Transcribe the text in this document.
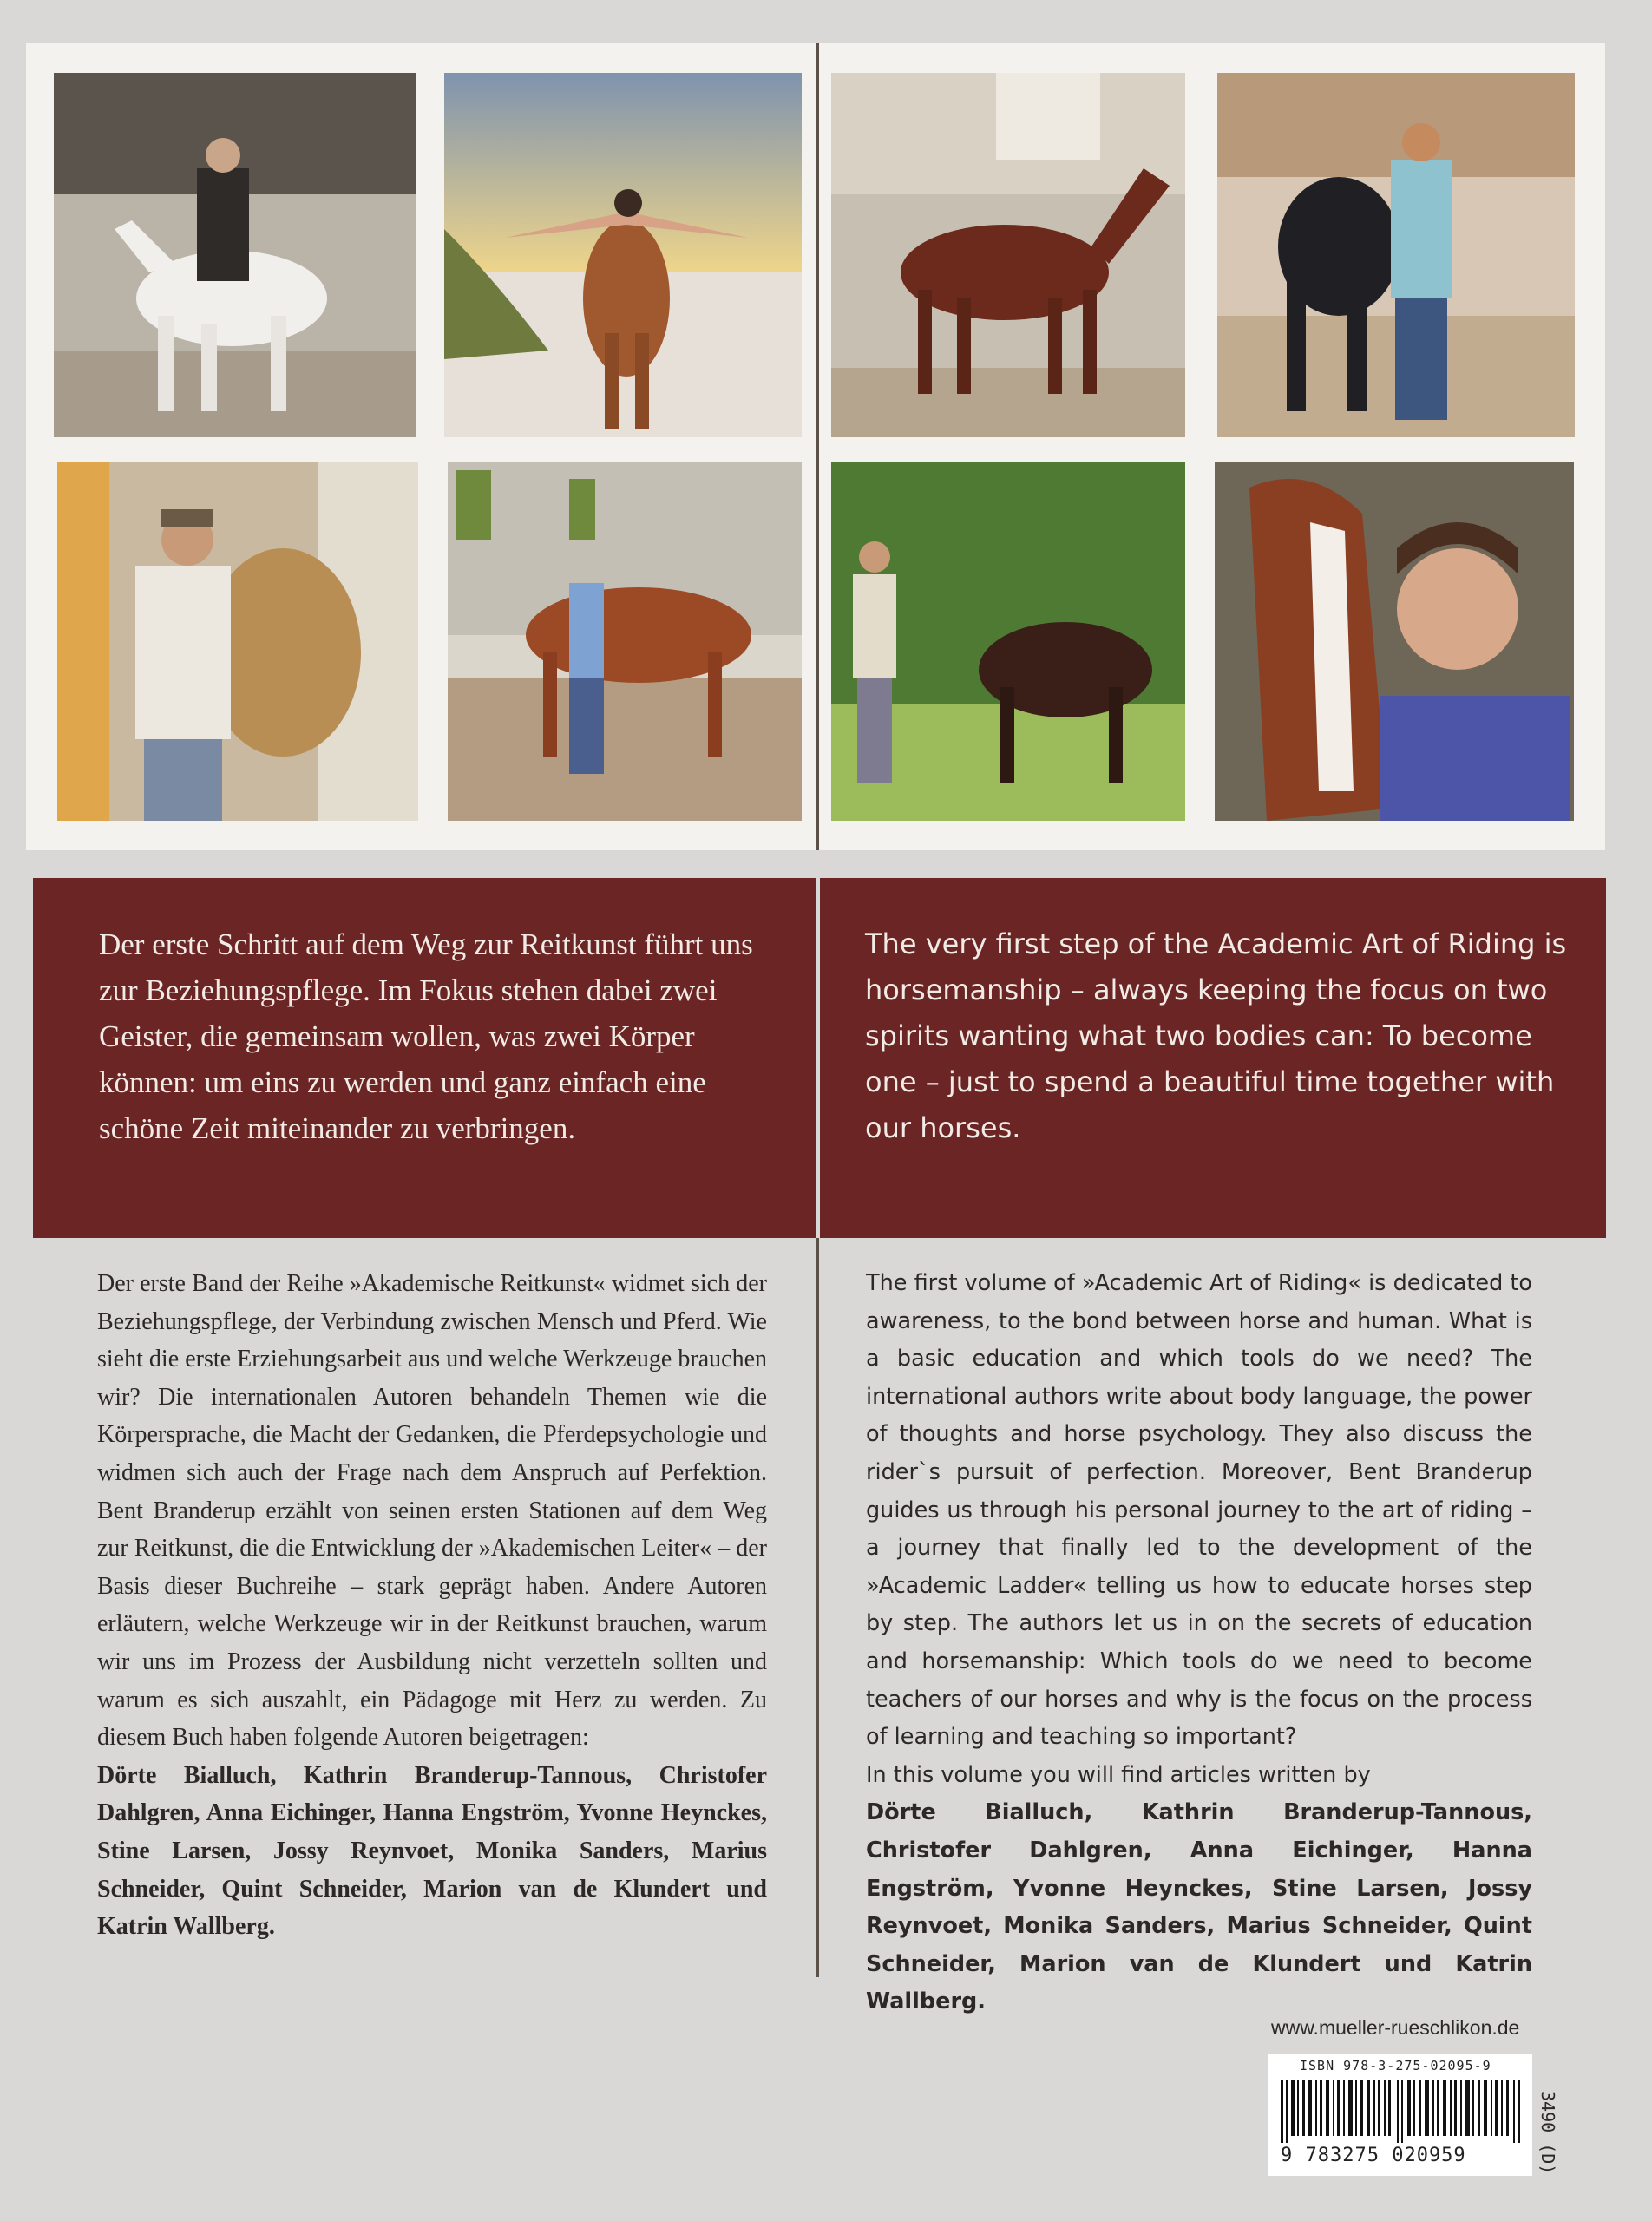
Der erste Schritt auf dem Weg zur Reitkunst führt uns zur Beziehungspflege. Im Fokus stehen dabei zwei Geister, die gemeinsam wollen, was zwei Körper können: um eins zu werden und ganz einfach eine schöne Zeit miteinander zu verbringen.

The very first step of the Academic Art of Riding is horsemanship – always keeping the focus on two spirits wanting what two bodies can: To become one – just to spend a beautiful time together with our horses.

Der erste Band der Reihe »Akademische Reitkunst« widmet sich der Beziehungspflege, der Verbindung zwischen Mensch und Pferd. Wie sieht die erste Erziehungsarbeit aus und welche Werkzeuge brauchen wir? Die internationalen Autoren behandeln Themen wie die Körpersprache, die Macht der Gedanken, die Pferdepsychologie und widmen sich auch der Frage nach dem Anspruch auf Perfektion. Bent Branderup erzählt von seinen ersten Stationen auf dem Weg zur Reitkunst, die die Entwicklung der »Akademischen Leiter« – der Basis dieser Buchreihe – stark geprägt haben. Andere Autoren erläutern, welche Werkzeuge wir in der Reitkunst brauchen, warum wir uns im Prozess der Ausbildung nicht verzetteln sollten und warum es sich auszahlt, ein Pädagoge mit Herz zu werden. Zu diesem Buch haben folgende Autoren beigetragen:

Dörte Bialluch, Kathrin Branderup-Tannous, Christofer Dahlgren, Anna Eichinger, Hanna Engström, Yvonne Heynckes, Stine Larsen, Jossy Reynvoet, Monika Sanders, Marius Schneider, Quint Schneider, Marion van de Klundert und Katrin Wallberg.

The first volume of »Academic Art of Riding« is dedicated to awareness, to the bond between horse and human. What is a basic education and which tools do we need? The international authors write about body language, the power of thoughts and horse psychology. They also discuss the rider`s pursuit of perfection. Moreover, Bent Branderup guides us through his personal journey to the art of riding – a journey that finally led to the development of the »Academic Ladder« telling us how to educate horses step by step. The authors let us in on the secrets of education and horsemanship: Which tools do we need to become teachers of our horses and why is the focus on the process of learning and teaching so important?

In this volume you will find articles written by

Dörte Bialluch, Kathrin Branderup-Tannous, Christofer Dahlgren, Anna Eichinger, Hanna Engström, Yvonne Heynckes, Stine Larsen, Jossy Reynvoet, Monika Sanders, Marius Schneider, Quint Schneider, Marion van de Klundert und Katrin Wallberg.

www.mueller-rueschlikon.de
ISBN 978-3-275-02095-9
9 783275 020959	3490 (D)
